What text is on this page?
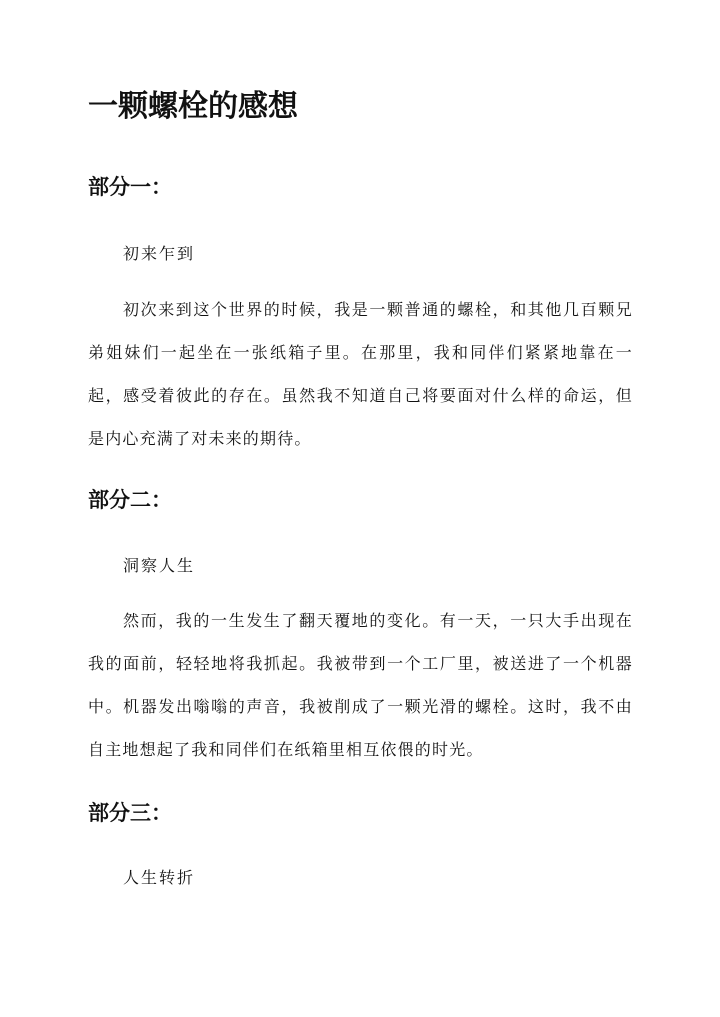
一颗螺栓的感想
部分一：

初来乍到

初次来到这个世界的时候，我是一颗普通的螺栓，和其他几百颗兄弟姐妹们一起坐在一张纸箱子里。在那里，我和同伴们紧紧地靠在一起，感受着彼此的存在。虽然我不知道自己将要面对什么样的命运，但是内心充满了对未来的期待。

部分二：

洞察人生

然而，我的一生发生了翻天覆地的变化。有一天，一只大手出现在我的面前，轻轻地将我抓起。我被带到一个工厂里，被送进了一个机器中。机器发出嗡嗡的声音，我被削成了一颗光滑的螺栓。这时，我不由自主地想起了我和同伴们在纸箱里相互依偎的时光。

部分三：

人生转折
